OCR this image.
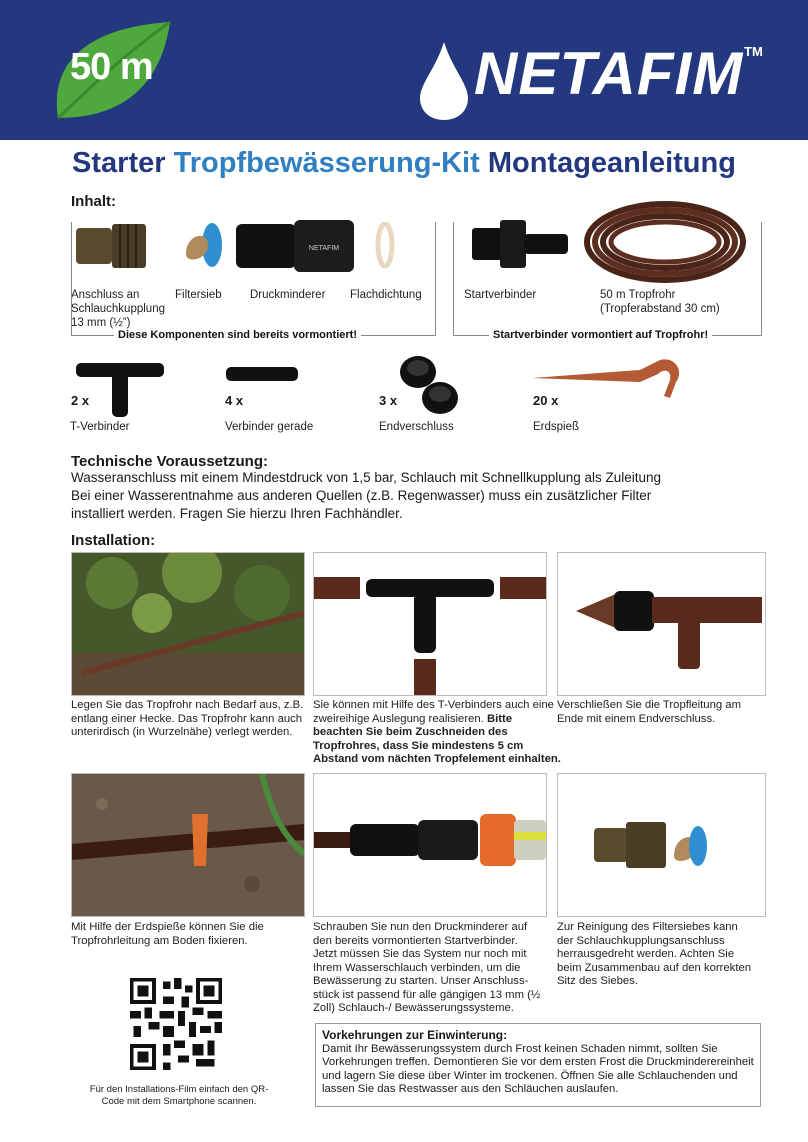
50 m	NETAFIM TM
Starter Tropfbewässerung-Kit Montageanleitung
Inhalt:
NETAFIM
Anschluss an Schlauchkupplung 13 mm (½”)
Filtersieb Druckminderer Flachdichtung
Diese Komponenten sind bereits vormontiert!
Startverbinder	50 m Tropfrohr (Tropferabstand 30 cm)
Startverbinder vormontiert auf Tropfrohr!
2 x	4 x	3 x	20 x
T-Verbinder	Verbinder gerade	Endverschluss	Erdspieß
Technische Voraussetzung:
Wasseranschluss mit einem Mindestdruck von 1,5 bar, Schlauch mit Schnellkupplung als Zuleitung
Bei einer Wasserentnahme aus anderen Quellen (z.B. Regenwasser) muss ein zusätzlicher Filter
installiert werden. Fragen Sie hierzu Ihren Fachhändler.
Installation:
Legen Sie das Tropfrohr nach Bedarf aus, z.B. entlang einer Hecke. Das Tropfrohr kann auch unterirdisch (in Wurzelnähe) verlegt werden.
Sie können mit Hilfe des T-Verbinders auch eine zweireihige Auslegung realisieren. Bitte beachten Sie beim Zuschneiden des Tropfrohres, dass Sie mindestens 5 cm Abstand vom nächten Tropfelement einhalten.
Verschließen Sie die Tropfleitung am Ende mit einem Endverschluss.
Mit Hilfe der Erdspieße können Sie die Tropfrohrleitung am Boden fixieren.
Schrauben Sie nun den Druckminderer auf den bereits vormontierten Startverbinder. Jetzt müssen Sie das System nur noch mit Ihrem Wasserschlauch verbinden, um die Bewässerung zu starten. Unser Anschlussstück ist passend für alle gängigen 13 mm (½ Zoll) Schlauch-/ Bewässerungssysteme.
Zur Reinigung des Filtersiebes kann der Schlauchkupplungsanschluss herrausgedreht werden. Achten Sie beim Zusammenbau auf den korrekten Sitz des Siebes.
Für den Installations-Film einfach den QR-Code mit dem Smartphone scannen.
Vorkehrungen zur Einwinterung:
Damit Ihr Bewässerungssystem durch Frost keinen Schaden nimmt, sollten Sie Vorkehrungen treffen. Demontieren Sie vor dem ersten Frost die Druckminderereinheit und lagern Sie diese über Winter im trockenen. Öffnen Sie alle Schlauchenden und lassen Sie das Restwasser aus den Schläuchen auslaufen.
